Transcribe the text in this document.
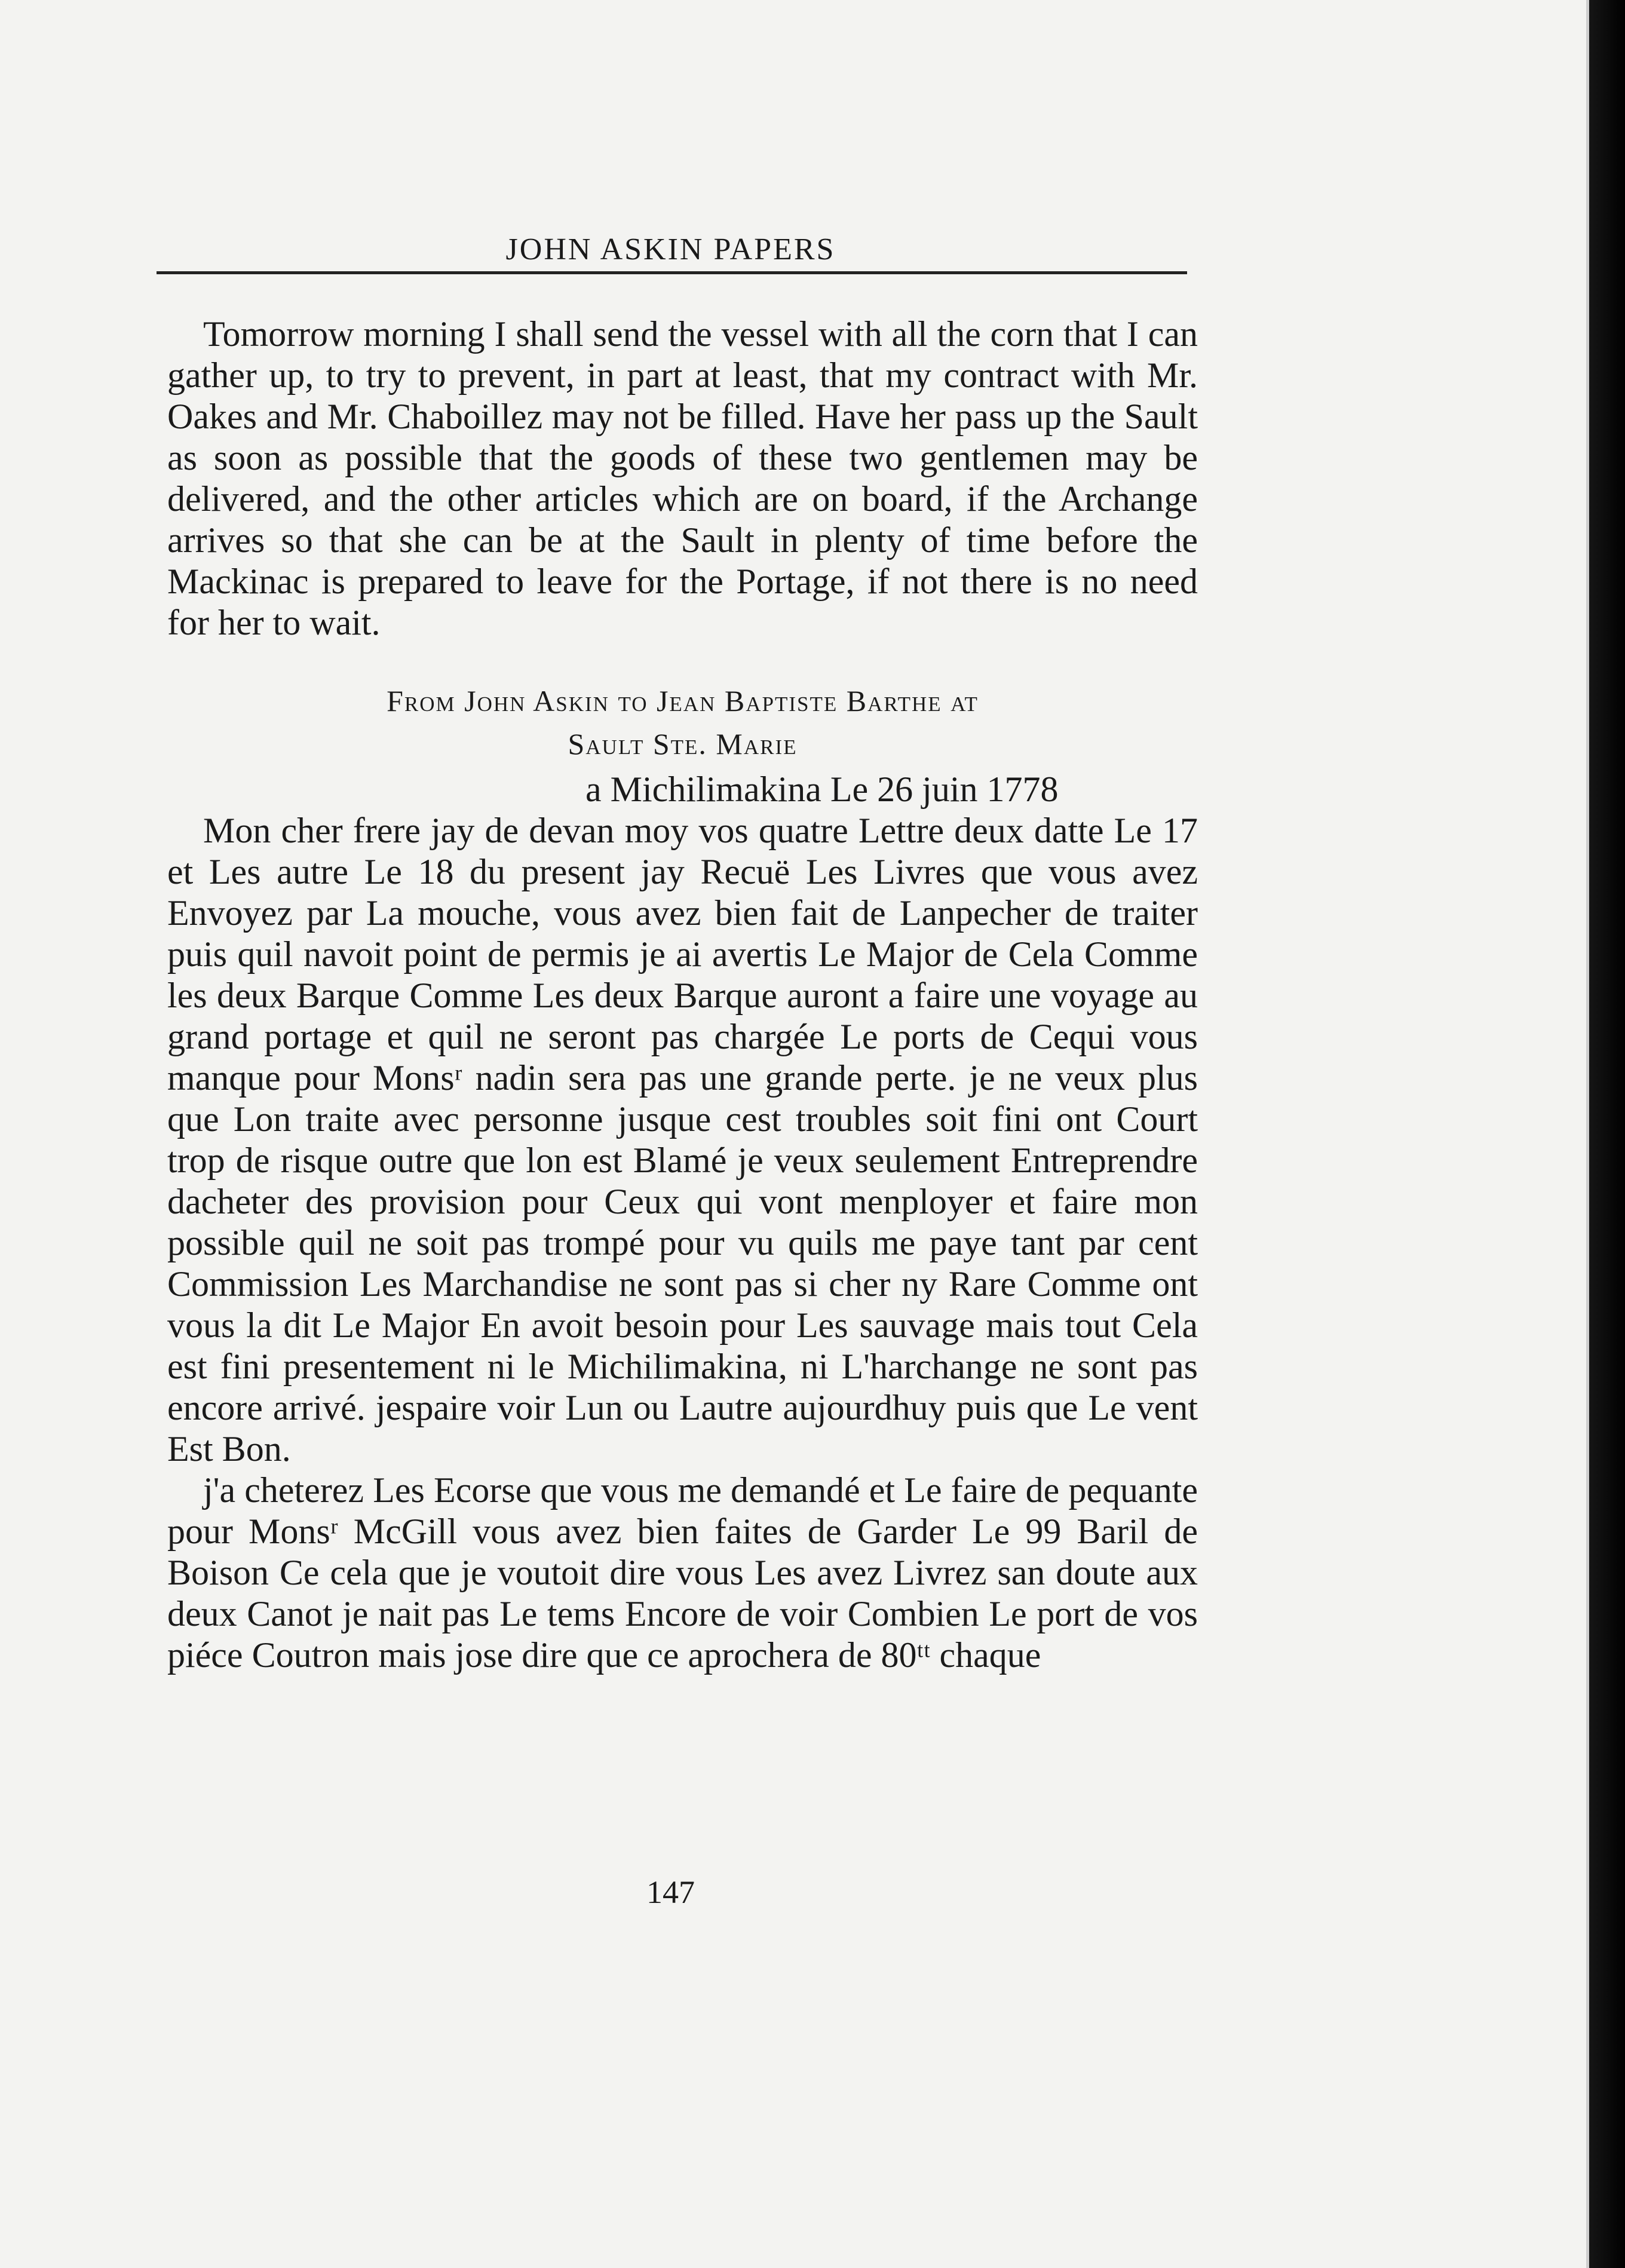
JOHN ASKIN PAPERS

Tomorrow morning I shall send the vessel with all the corn that I can gather up, to try to prevent, in part at least, that my contract with Mr. Oakes and Mr. Chaboillez may not be filled. Have her pass up the Sault as soon as possible that the goods of these two gentlemen may be delivered, and the other articles which are on board, if the Archange arrives so that she can be at the Sault in plenty of time before the Mackinac is prepared to leave for the Portage, if not there is no need for her to wait.

From John Askin to Jean Baptiste Barthe at
Sault Ste. Marie

a Michilimakina Le 26 juin 1778

Mon cher frere jay de devan moy vos quatre Lettre deux datte Le 17 et Les autre Le 18 du present jay Recuë Les Livres que vous avez Envoyez par La mouche, vous avez bien fait de Lanpecher de traiter puis quil navoit point de permis je ai avertis Le Major de Cela Comme les deux Barque Comme Les deux Barque auront a faire une voyage au grand portage et quil ne seront pas chargée Le ports de Cequi vous manque pour Monsʳ nadin sera pas une grande perte. je ne veux plus que Lon traite avec personne jusque cest troubles soit fini ont Court trop de risque outre que lon est Blamé je veux seulement Entreprendre dacheter des provision pour Ceux qui vont menployer et faire mon possible quil ne soit pas trompé pour vu quils me paye tant par cent Commission Les Marchandise ne sont pas si cher ny Rare Comme ont vous la dit Le Major En avoit besoin pour Les sauvage mais tout Cela est fini presentement ni le Michilimakina, ni L'harchange ne sont pas encore arrivé. jespaire voir Lun ou Lautre aujourdhuy puis que Le vent Est Bon.

j'a cheterez Les Ecorse que vous me demandé et Le faire de pequante pour Monsʳ McGill vous avez bien faites de Garder Le 99 Baril de Boison Ce cela que je voutoit dire vous Les avez Livrez san doute aux deux Canot je nait pas Le tems Encore de voir Combien Le port de vos piéce Coutron mais jose dire que ce aprochera de 80ᵗᵗ chaque

147
